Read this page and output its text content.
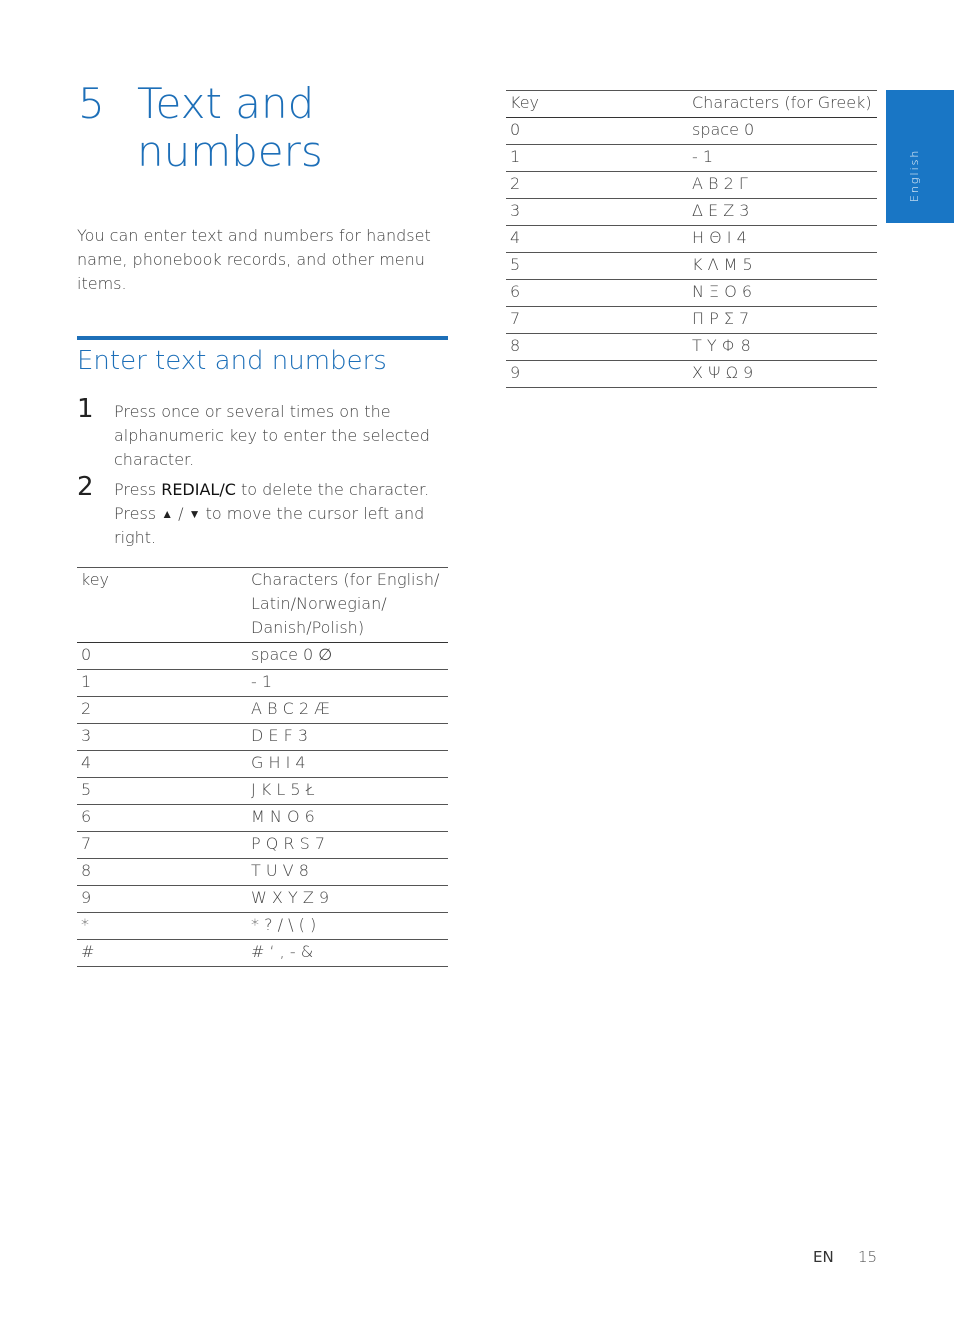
5 Text and
numbers

You can enter text and numbers for handset name, phonebook records, and other menu items.

Enter text and numbers
1 Press once or several times on the alphanumeric key to enter the selected character.
2 Press REDIAL/C to delete the character. Press ▲ / ▼ to move the cursor left and right.
key	Characters (for English/ Latin/Norwegian/ Danish/Polish)
0	space 0 ∅
1	- 1
2	A B C 2 Æ
3	D E F 3
4	G H I 4
5	J K L 5 Ł
6	M N O 6
7	P Q R S 7
8	T U V 8
9	W X Y Z 9
*	* ? / \ ( )
#	# ‘ , - &
Key	Characters (for Greek)
0	space 0
1	- 1
2	Α Β 2 Γ
3	Δ Ε Ζ 3
4	Η Θ Ι 4
5	Κ Λ Μ 5
6	Ν Ξ Ο 6
7	Π Ρ Σ 7
8	Τ Υ Φ 8
9	Χ Ψ Ω 9
English
EN 15
